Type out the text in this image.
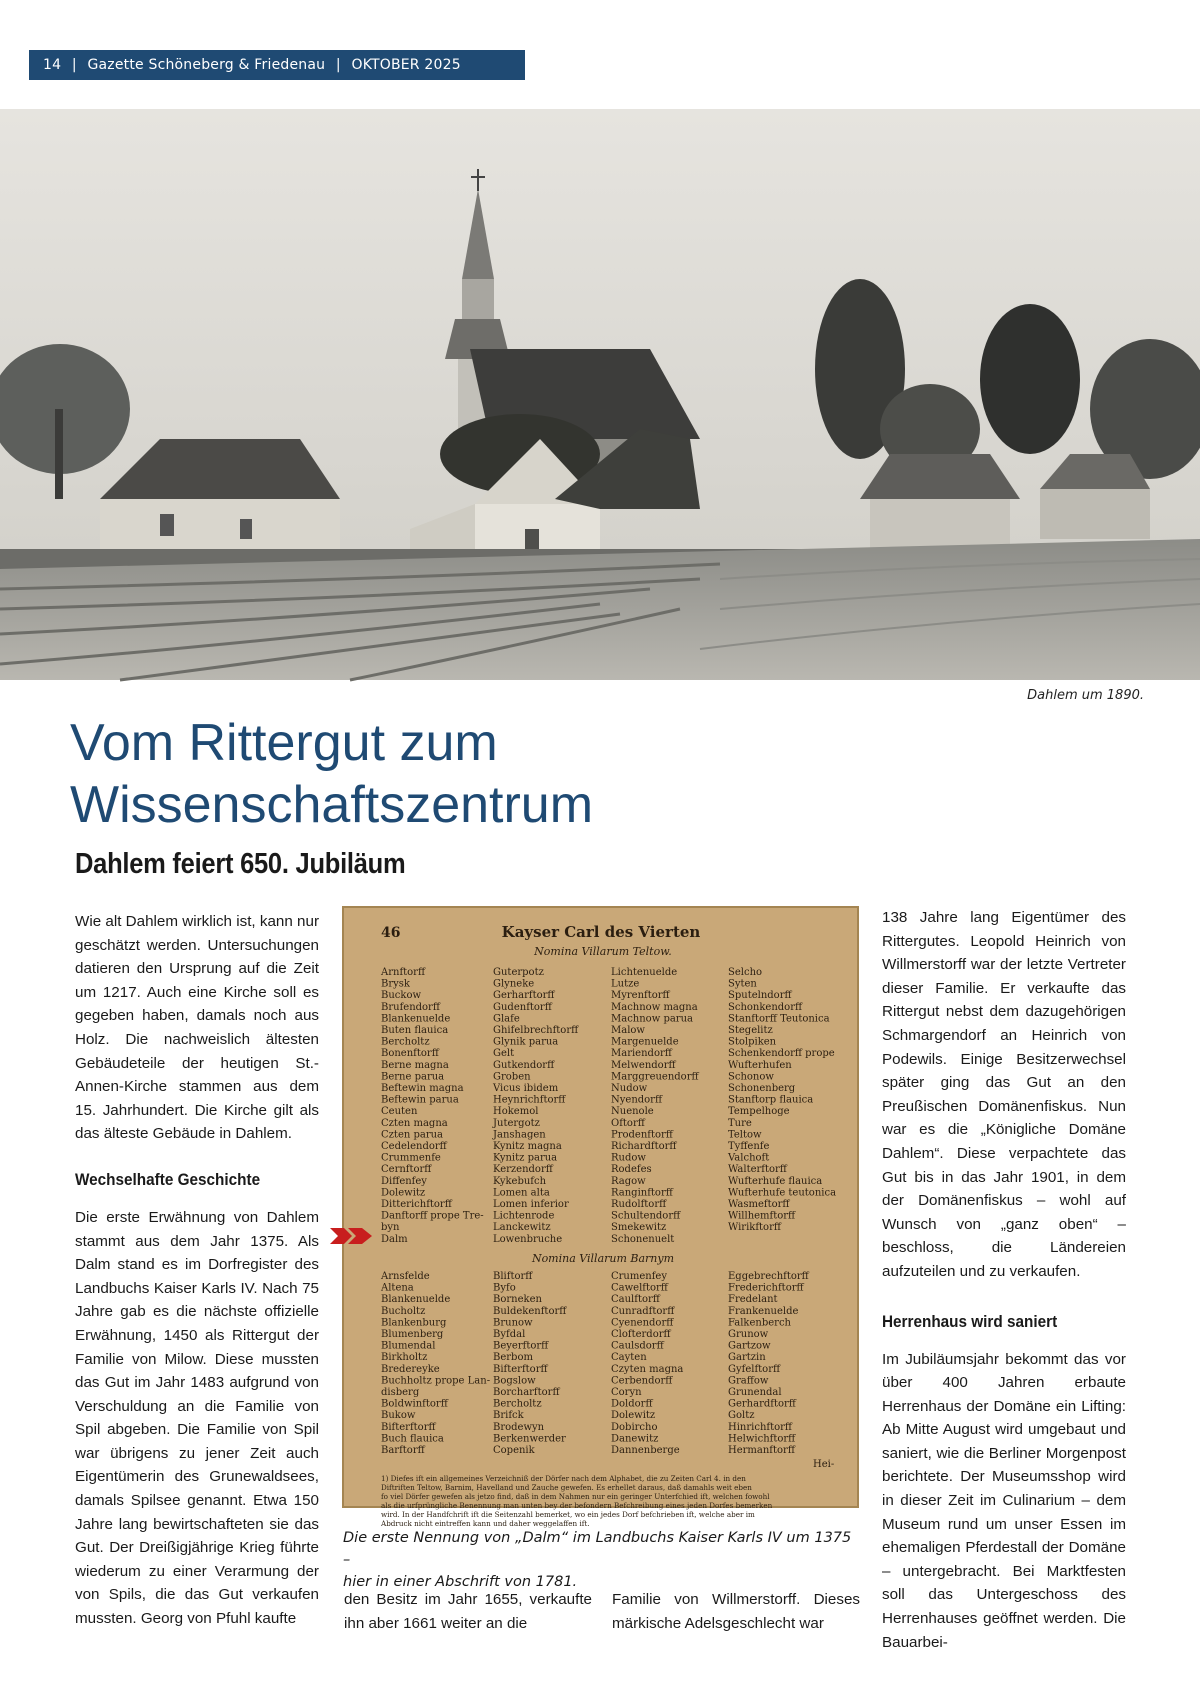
14 | Gazette Schöneberg & Friedenau | OKTOBER 2025
Dahlem um 1890.
Vom Rittergut zum
Wissenschaftszentrum
Dahlem feiert 650. Jubiläum

Wie alt Dahlem wirklich ist, kann nur geschätzt werden. Untersuchungen datieren den Ursprung auf die Zeit um 1217. Auch eine Kirche soll es gegeben haben, damals noch aus Holz. Die nachweislich ältesten Gebäudeteile der heutigen St.-Annen-Kirche stammen aus dem 15. Jahrhundert. Die Kirche gilt als das älteste Gebäude in Dahlem.

Wechselhafte Geschichte

Die erste Erwähnung von Dahlem stammt aus dem Jahr 1375. Als Dalm stand es im Dorfregister des Landbuchs Kaiser Karls IV. Nach 75 Jahre gab es die nächste offizielle Erwähnung, 1450 als Rittergut der Familie von Milow. Diese mussten das Gut im Jahr 1483 aufgrund von Verschuldung an die Familie von Spil abgeben. Die Familie von Spil war übrigens zu jener Zeit auch Eigentümerin des Grunewaldsees, damals Spilsee genannt. Etwa 150 Jahre lang bewirtschafteten sie das Gut. Der Dreißigjährige Krieg führte wiederum zu einer Verarmung der von Spils, die das Gut verkaufen mussten. Georg von Pfuhl kaufte

46	Kayser Carl des Vierten
Nomina Villarum Teltow.
Arnftorff
Brysk
Buckow
Brufendorff
Blankenuelde
Buten flauica
Bercholtz
Bonenftorff
Berne magna
Berne parua
Beftewin magna
Beftewin parua
Ceuten
Czten magna
Czten parua
Cedelendorff
Crummenfe
Cernftorff
Diffenfey
Dolewitz
Ditterichftorff
Danftorff prope Tre-
byn
Dalm
Guterpotz
Glyneke
Gerharftorff
Gudenftorff
Glafe
Ghifelbrechftorff
Glynik parua
Gelt
Gutkendorff
Groben
Vicus ibidem
Heynrichftorff
Hokemol
Jutergotz
Janshagen
Kynitz magna
Kynitz parua
Kerzendorff
Kykebufch
Lomen alta
Lomen inferior
Lichtenrode
Lanckewitz
Lowenbruche
Lichtenuelde
Lutze
Myrenftorff
Machnow magna
Machnow parua
Malow
Margenuelde
Mariendorff
Melwendorff
Marggreuendorff
Nudow
Nyendorff
Nuenole
Oftorff
Prodenftorff
Richardftorff
Rudow
Rodefes
Ragow
Ranginftorff
Rudolftorff
Schultendorff
Smekewitz
Schonenuelt
Selcho
Syten
Sputelndorff
Schonkendorff
Stanftorff Teutonica
Stegelitz
Stolpiken
Schenkendorff prope
Wufterhufen
Schonow
Schonenberg
Stanftorp flauica
Tempelhoge
Ture
Teltow
Tyffenfe
Valchoft
Walterftorff
Wufterhufe flauica
Wufterhufe teutonica
Wasmeftorff
Willhemftorff
Wirikftorff
Nomina Villarum Barnym
Arnsfelde
Altena
Blankenuelde
Bucholtz
Blankenburg
Blumenberg
Blumendal
Birkholtz
Bredereyke
Buchholtz prope Lan-
disberg
Boldwinftorff
Bukow
Bifterftorff
Buch flauica
Barftorff
Bliftorff
Byfo
Borneken
Buldekenftorff
Brunow
Byfdal
Beyerftorff
Berbom
Bifterftorff
Bogslow
Borcharftorff
Bercholtz
Brifck
Brodewyn
Berkenwerder
Copenik
Crumenfey
Cawelftorff
Caulftorff
Cunradftorff
Cyenendorff
Clofterdorff
Caulsdorff
Cayten
Czyten magna
Cerbendorff
Coryn
Doldorff
Dolewitz
Dobircho
Danewitz
Dannenberge
Eggebrechftorff
Frederichftorff
Fredelant
Frankenuelde
Falkenberch
Grunow
Gartzow
Gartzin
Gyfelftorff
Graffow
Grunendal
Gerhardftorff
Goltz
Hinrichftorff
Helwichftorff
Hermanftorff
Hei-
1) Diefes ift ein allgemeines Verzeichniß der Dörfer nach dem Alphabet, die zu Zeiten Carl 4. in den
Diftriften Teltow, Barnim, Havelland und Zauche gewefen. Es erhellet daraus, daß damahls weit eben
fo viel Dörfer gewefen als jetzo find, daß in dem Nahmen nur ein geringer Unterfchied ift, welchen fowohl
als die urfprüngliche Benennung man unten bey der befondern Befchreibung eines jeden Dorfes bemerken
wird. In der Handfchrift ift die Seitenzahl bemerket, wo ein jedes Dorf befchrieben ift, welche aber im
Abdruck nicht eintreffen kann und daher weggelaffen ift.
Die erste Nennung von „Dalm“ im Landbuchs Kaiser Karls IV um 1375 –
hier in einer Abschrift von 1781.

den Besitz im Jahr 1655, verkaufte ihn aber 1661 weiter an die

Familie von Willmerstorff. Dieses märkische Adelsgeschlecht war

138 Jahre lang Eigentümer des Rittergutes. Leopold Heinrich von Willmerstorff war der letzte Vertreter dieser Familie. Er verkaufte das Rittergut nebst dem dazugehörigen Schmargendorf an Heinrich von Podewils. Einige Besitzerwechsel später ging das Gut an den Preußischen Domänenfiskus. Nun war es die „Königliche Domäne Dahlem“. Diese verpachtete das Gut bis in das Jahr 1901, in dem der Domänenfiskus – wohl auf Wunsch von „ganz oben“ – beschloss, die Ländereien aufzuteilen und zu verkaufen.

Herrenhaus wird saniert

Im Jubiläumsjahr bekommt das vor über 400 Jahren erbaute Herrenhaus der Domäne ein Lifting: Ab Mitte August wird umgebaut und saniert, wie die Berliner Morgenpost berichtete. Der Museumsshop wird in dieser Zeit im Culinarium – dem Museum rund um unser Essen im ehemaligen Pferdestall der Domäne – untergebracht. Bei Marktfesten soll das Untergeschoss des Herrenhauses geöffnet werden. Die Bauarbei-
